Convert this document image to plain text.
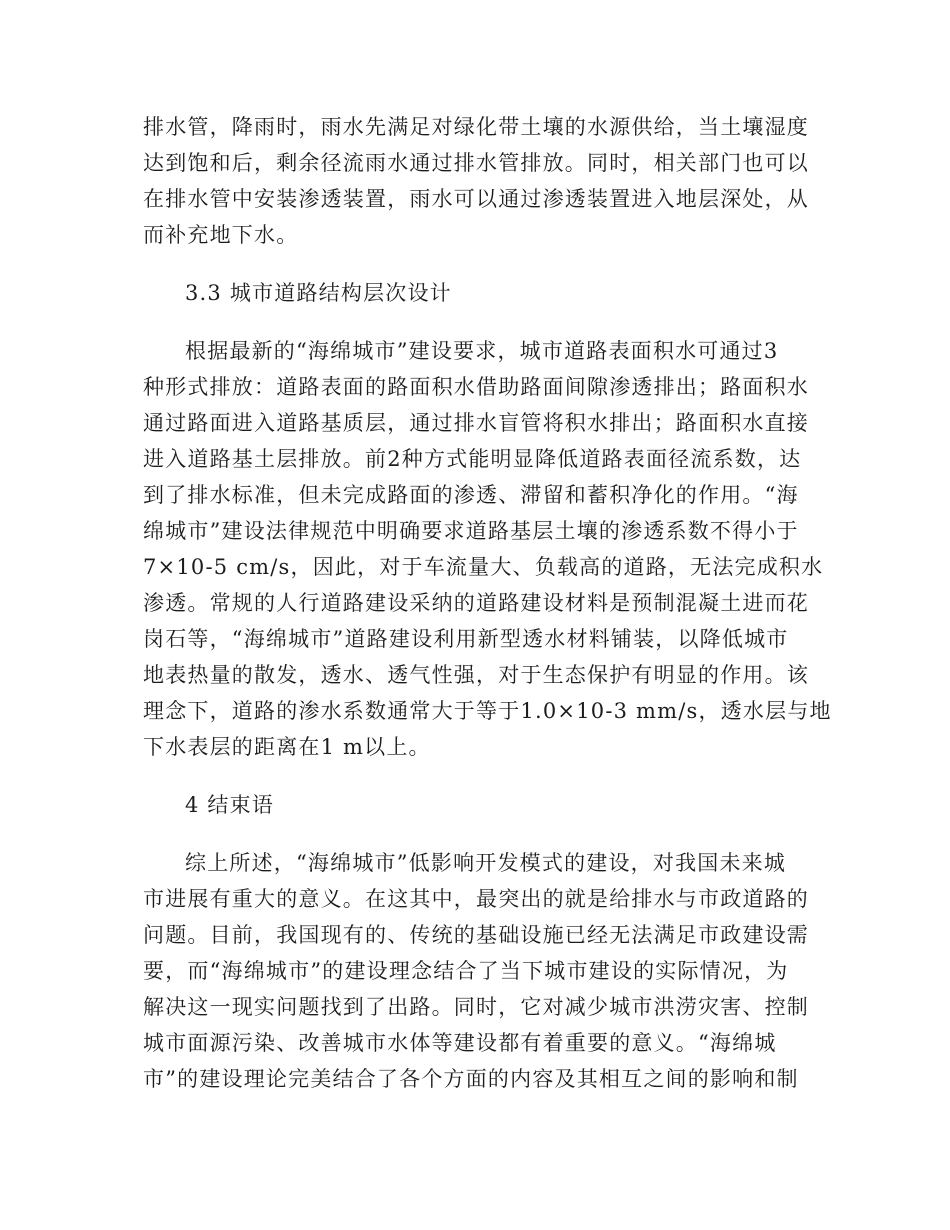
排水管，降雨时，雨水先满足对绿化带土壤的水源供给，当土壤湿度
达到饱和后，剩余径流雨水通过排水管排放。同时，相关部门也可以
在排水管中安装渗透装置，雨水可以通过渗透装置进入地层深处，从
而补充地下水。
3.3 城市道路结构层次设计
根据最新的“海绵城市”建设要求，城市道路表面积水可通过3
种形式排放：道路表面的路面积水借助路面间隙渗透排出；路面积水
通过路面进入道路基质层，通过排水盲管将积水排出；路面积水直接
进入道路基土层排放。前2种方式能明显降低道路表面径流系数，达
到了排水标准，但未完成路面的渗透、滞留和蓄积净化的作用。“海
绵城市”建设法律规范中明确要求道路基层土壤的渗透系数不得小于
7×10-5 cm/s，因此，对于车流量大、负载高的道路，无法完成积水
渗透。常规的人行道路建设采纳的道路建设材料是预制混凝土进而花
岗石等，“海绵城市”道路建设利用新型透水材料铺装，以降低城市
地表热量的散发，透水、透气性强，对于生态保护有明显的作用。该
理念下，道路的渗水系数通常大于等于1.0×10-3 mm/s，透水层与地
下水表层的距离在1 m以上。
4 结束语
综上所述，“海绵城市”低影响开发模式的建设，对我国未来城
市进展有重大的意义。在这其中，最突出的就是给排水与市政道路的
问题。目前，我国现有的、传统的基础设施已经无法满足市政建设需
要，而“海绵城市”的建设理念结合了当下城市建设的实际情况，为
解决这一现实问题找到了出路。同时，它对减少城市洪涝灾害、控制
城市面源污染、改善城市水体等建设都有着重要的意义。“海绵城
市”的建设理论完美结合了各个方面的内容及其相互之间的影响和制
